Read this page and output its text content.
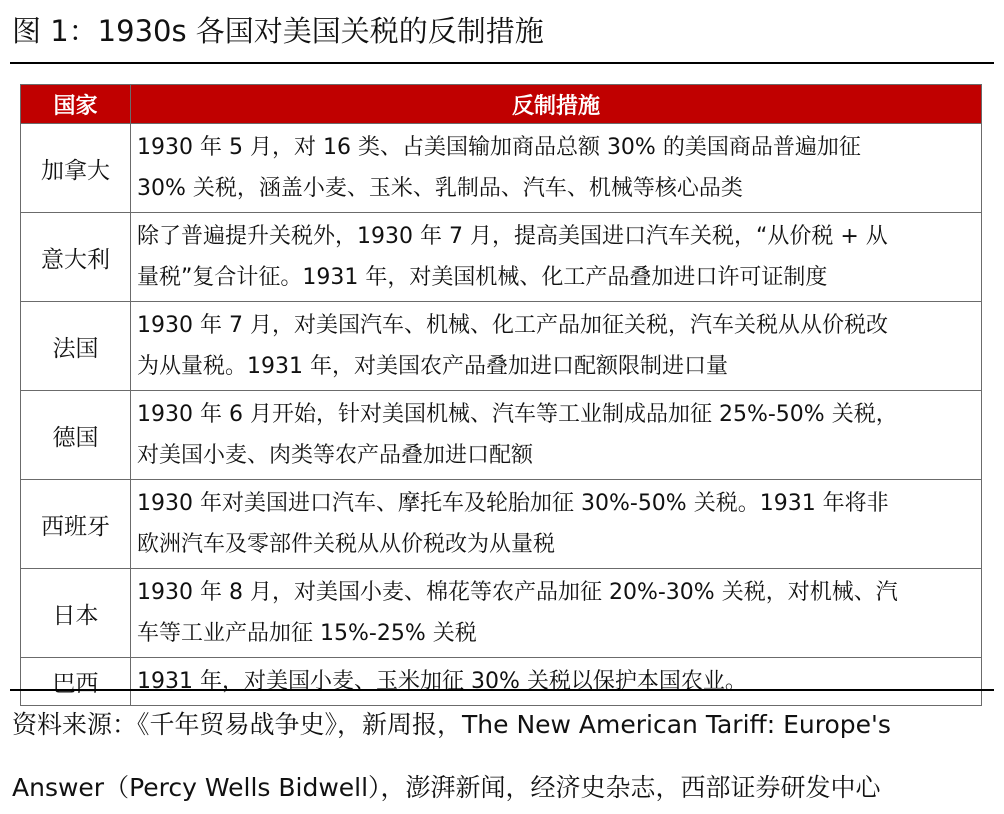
图 1：1930s 各国对美国关税的反制措施
国家	反制措施
加拿大	1930 年 5 月，对 16 类、占美国输加商品总额 30% 的美国商品普遍加征
30% 关税，涵盖小麦、玉米、乳制品、汽车、机械等核心品类

意大利	除了普遍提升关税外，1930 年 7 月，提高美国进口汽车关税，“从价税 + 从
量税”复合计征。1931 年，对美国机械、化工产品叠加进口许可证制度

法国	1930 年 7 月，对美国汽车、机械、化工产品加征关税，汽车关税从从价税改
为从量税。1931 年，对美国农产品叠加进口配额限制进口量

德国	1930 年 6 月开始，针对美国机械、汽车等工业制成品加征 25%-50% 关税，
对美国小麦、肉类等农产品叠加进口配额

西班牙	1930 年对美国进口汽车、摩托车及轮胎加征 30%-50% 关税。1931 年将非
欧洲汽车及零部件关税从从价税改为从量税

日本	1930 年 8 月，对美国小麦、棉花等农产品加征 20%-30% 关税，对机械、汽
车等工业产品加征 15%-25% 关税

巴西	1931 年，对美国小麦、玉米加征 30% 关税以保护本国农业。
资料来源：《千年贸易战争史》，新周报，The New American Tariff: Europe's
Answer（Percy Wells Bidwell），澎湃新闻，经济史杂志，西部证券研发中心
